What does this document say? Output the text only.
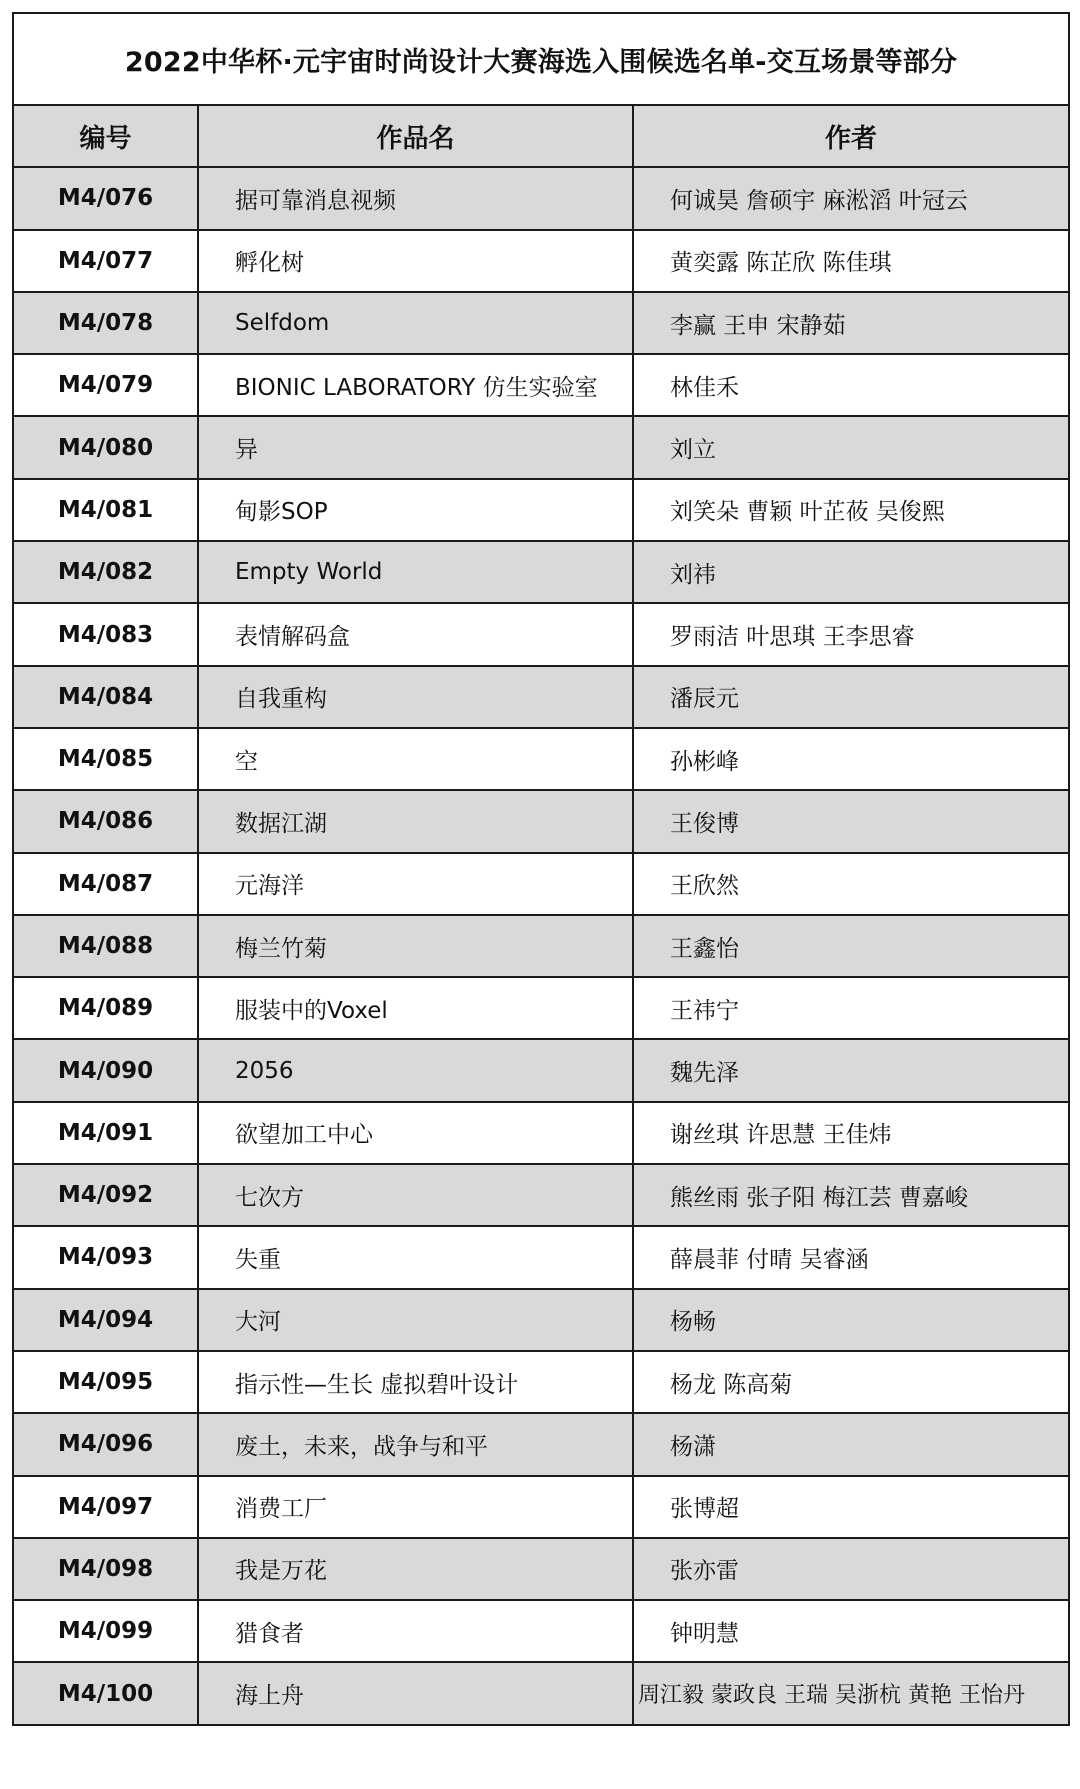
2022中华杯·元宇宙时尚设计大赛海选入围候选名单-交互场景等部分		
编号	作品名	作者
M4/076	据可靠消息视频	何诚昊 詹硕宇 麻淞滔 叶冠云
M4/077	孵化树	黄奕露 陈芷欣 陈佳琪
M4/078	Selfdom	李赢 王申 宋静茹
M4/079	BIONIC LABORATORY 仿生实验室	林佳禾
M4/080	异	刘立
M4/081	甸影SOP	刘笑朵 曹颖 叶芷莜 吴俊熙
M4/082	Empty World	刘祎
M4/083	表情解码盒	罗雨洁 叶思琪 王李思睿
M4/084	自我重构	潘辰元
M4/085	空	孙彬峰
M4/086	数据江湖	王俊博
M4/087	元海洋	王欣然
M4/088	梅兰竹菊	王鑫怡
M4/089	服装中的Voxel	王祎宁
M4/090	2056	魏先泽
M4/091	欲望加工中心	谢丝琪 许思慧 王佳炜
M4/092	七次方	熊丝雨 张子阳 梅江芸 曹嘉峻
M4/093	失重	薛晨菲 付晴 吴睿涵
M4/094	大河	杨畅
M4/095	指示性—生长 虚拟碧叶设计	杨龙 陈高菊
M4/096	废土，未来，战争与和平	杨潇
M4/097	消费工厂	张博超
M4/098	我是万花	张亦雷
M4/099	猎食者	钟明慧
M4/100	海上舟	周江毅 蒙政良 王瑞 吴浙杭 黄艳 王怡丹
